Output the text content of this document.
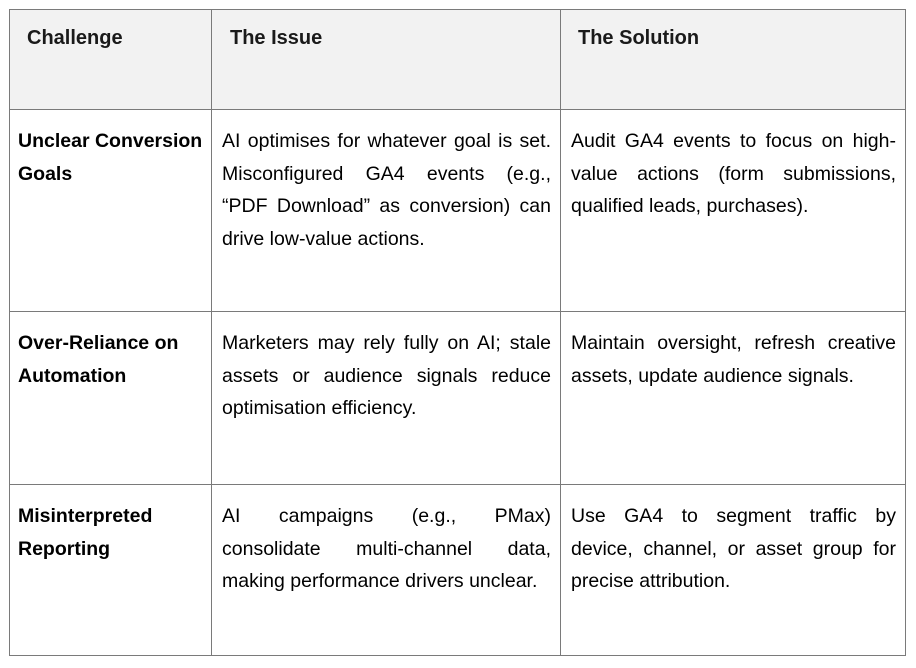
Challenge	The Issue	The Solution

Unclear Conversion Goals	AI optimises for whatever goal is set. Misconfigured GA4 events (e.g., “PDF Download” as conversion) can drive low-value actions.	Audit GA4 events to focus on high-value actions (form submissions, qualified leads, purchases).

Over-Reliance on Automation	Marketers may rely fully on AI; stale assets or audience signals reduce optimisation efficiency.	Maintain oversight, refresh creative assets, update audience signals.

Misinterpreted Reporting	AI campaigns (e.g., PMax) consolidate multi-channel data, making performance drivers unclear.	Use GA4 to segment traffic by device, channel, or asset group for precise attribution.
